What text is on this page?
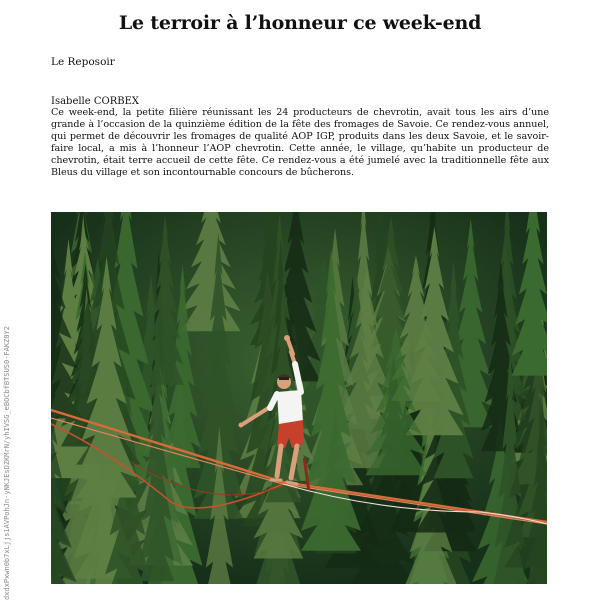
Le terroir à l’honneur ce week-end

Le Reposoir

Isabelle CORBEX

Ce week-end, la petite filière réunissant les 24 producteurs de chevrotin, avait tous les airs d’une grande à l’occasion de la quinzième édition de la fête des fromages de Savoie. Ce rendez-vous annuel, qui permet de découvrir les fromages de qualité AOP IGP, produits dans les deux Savoie, et le savoir-faire local, a mis à l’honneur l’AOP chevrotin. Cette année, le village, qu’habite un producteur de chevrotin, était terre accueil de cette fête. Ce rendez-vous a été jumelé avec la traditionnelle fête aux Bleus du village et son incontournable concours de bûcherons.

dxdxPxwn0b7xLjjs1AVPohJn-yNKJEsDZKMrN/yhIVSG_eBOCbfBTSUS0-FAKZ0Y2
